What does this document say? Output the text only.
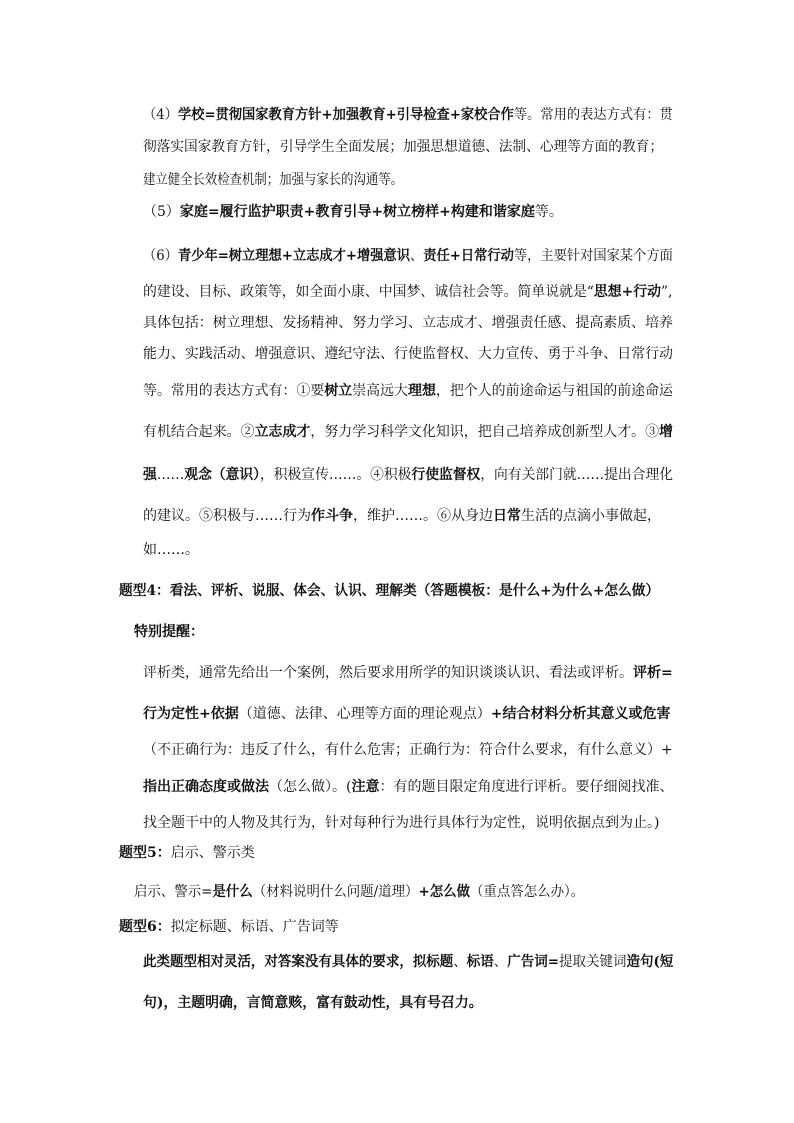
（4）学校=贯彻国家教育方针+加强教育+引导检查+家校合作等。常用的表达方式有：贯
彻落实国家教育方针，引导学生全面发展；加强思想道德、法制、心理等方面的教育；
建立健全长效检查机制；加强与家长的沟通等。
（5）家庭=履行监护职责+教育引导+树立榜样+构建和谐家庭等。
（6）青少年=树立理想+立志成才+增强意识、责任+日常行动等，主要针对国家某个方面
的建设、目标、政策等，如全面小康、中国梦、诚信社会等。简单说就是“思想+行动”,
具体包括：树立理想、发扬精神、努力学习、立志成才、增强责任感、提高素质、培养
能力、实践活动、增强意识、遵纪守法、行使监督权、大力宣传、勇于斗争、日常行动
等。常用的表达方式有：①要树立崇高远大理想，把个人的前途命运与祖国的前途命运
有机结合起来。②立志成才，努力学习科学文化知识，把自己培养成创新型人才。③增
强……观念（意识），积极宣传……。④积极行使监督权，向有关部门就……提出合理化
的建议。⑤积极与……行为作斗争，维护……。⑥从身边日常生活的点滴小事做起，
如……。
题型4：看法、评析、说服、体会、认识、理解类（答题模板：是什么+为什么+怎么做）
特别提醒：
评析类，通常先给出一个案例，然后要求用所学的知识谈谈认识、看法或评析。评析=
行为定性+依据（道德、法律、心理等方面的理论观点）+结合材料分析其意义或危害
（不正确行为：违反了什么，有什么危害；正确行为：符合什么要求，有什么意义）+
指出正确态度或做法（怎么做）。(注意：有的题目限定角度进行评析。要仔细阅找准、
找全题干中的人物及其行为，针对每种行为进行具体行为定性，说明依据点到为止。)
题型5：启示、警示类
启示、警示=是什么（材料说明什么问题/道理）+怎么做（重点答怎么办）。
题型6：拟定标题、标语、广告词等
此类题型相对灵活，对答案没有具体的要求，拟标题、标语、广告词=提取关键词造句(短
句)，主题明确，言简意赅，富有鼓动性，具有号召力。
